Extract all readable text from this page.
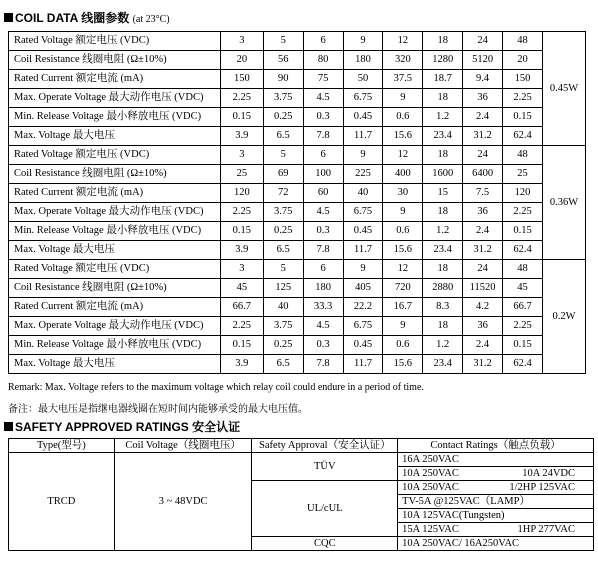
COIL DATA 线圈参数 (at 23°C)
Rated Voltage 额定电压 (VDC)	3	5	6	9	12	18	24	48	0.45W
Coil Resistance 线圈电阻 (Ω±10%)	20	56	80	180	320	1280	5120	20	
Rated Current 额定电流 (mA)	150	90	75	50	37.5	18.7	9.4	150	
Max. Operate Voltage 最大动作电压 (VDC)	2.25	3.75	4.5	6.75	9	18	36	2.25	
Min. Release Voltage 最小释放电压 (VDC)	0.15	0.25	0.3	0.45	0.6	1.2	2.4	0.15	
Max. Voltage 最大电压	3.9	6.5	7.8	11.7	15.6	23.4	31.2	62.4	
Rated Voltage 额定电压 (VDC)	3	5	6	9	12	18	24	48	0.36W
Coil Resistance 线圈电阻 (Ω±10%)	25	69	100	225	400	1600	6400	25	
Rated Current 额定电流 (mA)	120	72	60	40	30	15	7.5	120	
Max. Operate Voltage 最大动作电压 (VDC)	2.25	3.75	4.5	6.75	9	18	36	2.25	
Min. Release Voltage 最小释放电压 (VDC)	0.15	0.25	0.3	0.45	0.6	1.2	2.4	0.15	
Max. Voltage 最大电压	3.9	6.5	7.8	11.7	15.6	23.4	31.2	62.4	
Rated Voltage 额定电压 (VDC)	3	5	6	9	12	18	24	48	0.2W
Coil Resistance 线圈电阻 (Ω±10%)	45	125	180	405	720	2880	11520	45	
Rated Current 额定电流 (mA)	66.7	40	33.3	22.2	16.7	8.3	4.2	66.7	
Max. Operate Voltage 最大动作电压 (VDC)	2.25	3.75	4.5	6.75	9	18	36	2.25	
Min. Release Voltage 最小释放电压 (VDC)	0.15	0.25	0.3	0.45	0.6	1.2	2.4	0.15	
Max. Voltage 最大电压	3.9	6.5	7.8	11.7	15.6	23.4	31.2	62.4	
Remark: Max. Voltage refers to the maximum voltage which relay coil could endure in a period of time.
备注：最大电压是指继电器线圈在短时间内能够承受的最大电压值。
SAFETY APPROVED RATINGS 安全认证
Type(型号)	Coil Voltage（线圈电压）	Safety Approval（安全认证）	Contact Ratings（触点负载）
TRCD	3 ~ 48VDC	TÜV	16A 250VAC
			10A 250VAC 10A 24VDC

		UL/cUL	10A 250VAC 1/2HP 125VAC

			TV-5A @125VAC（LAMP）
			10A 125VAC(Tungsten)
			15A 125VAC 1HP 277VAC

		CQC	10A 250VAC/ 16A250VAC
